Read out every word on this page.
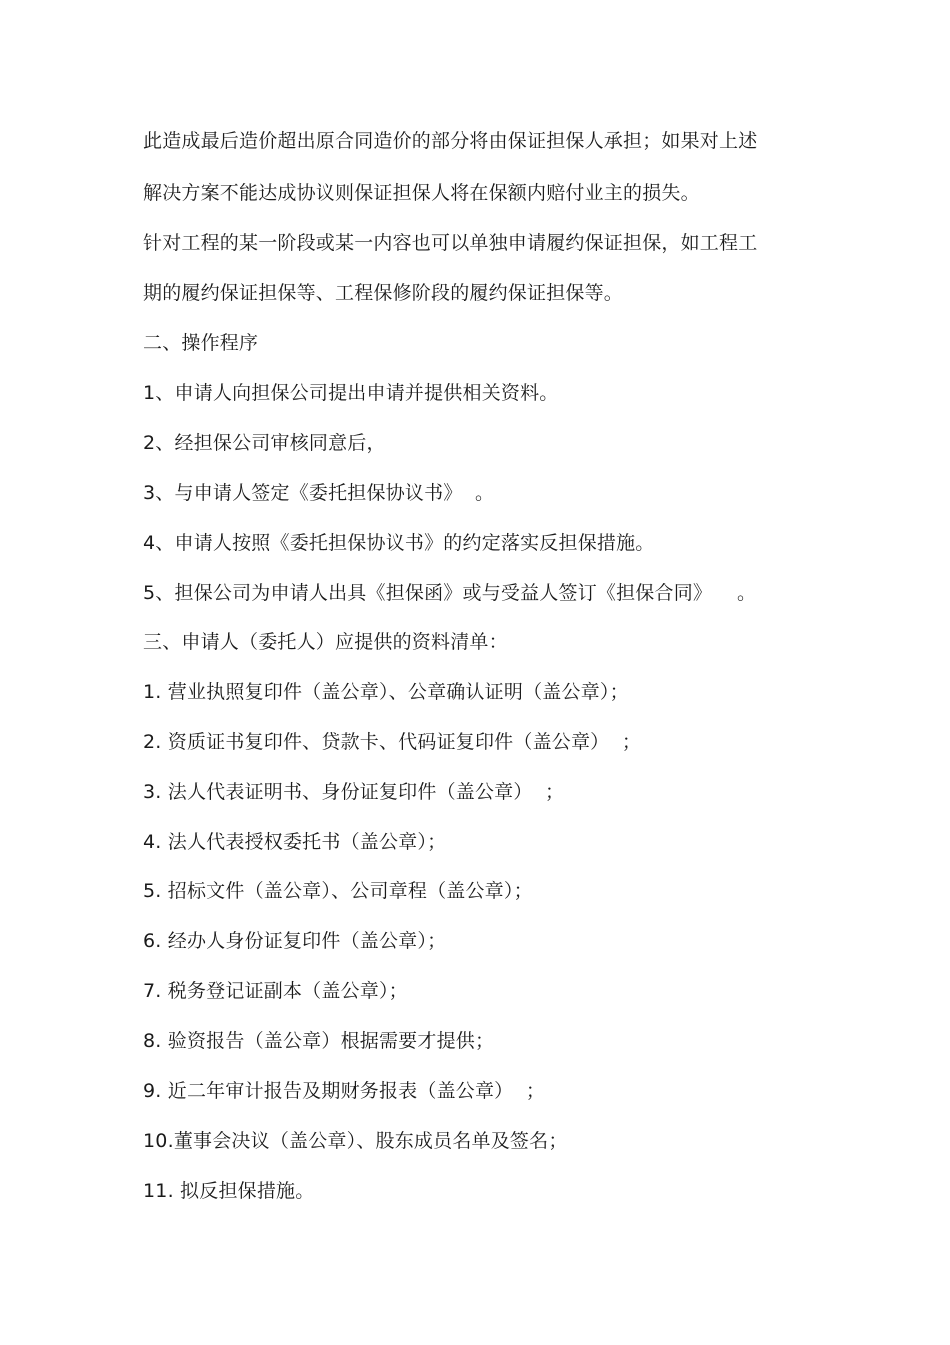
此造成最后造价超出原合同造价的部分将由保证担保人承担；如果对上述
解决方案不能达成协议则保证担保人将在保额内赔付业主的损失。
针对工程的某一阶段或某一内容也可以单独申请履约保证担保，如工程工
期的履约保证担保等、工程保修阶段的履约保证担保等。
二、操作程序
1、申请人向担保公司提出申请并提供相关资料。
2、经担保公司审核同意后，
3、与申请人签定《委托担保协议书》  。
4、申请人按照《委托担保协议书》的约定落实反担保措施。
5、担保公司为申请人出具《担保函》或与受益人签订《担保合同》    。
三、申请人（委托人）应提供的资料清单：
1. 营业执照复印件（盖公章）、公章确认证明（盖公章）；
2. 资质证书复印件、贷款卡、代码证复印件（盖公章）  ；
3. 法人代表证明书、身份证复印件（盖公章）  ；
4. 法人代表授权委托书（盖公章）；
5. 招标文件（盖公章）、公司章程（盖公章）；
6. 经办人身份证复印件（盖公章）；
7. 税务登记证副本（盖公章）；
8. 验资报告（盖公章）根据需要才提供；
9. 近二年审计报告及期财务报表（盖公章）  ；
10.董事会决议（盖公章）、股东成员名单及签名；
11. 拟反担保措施。
